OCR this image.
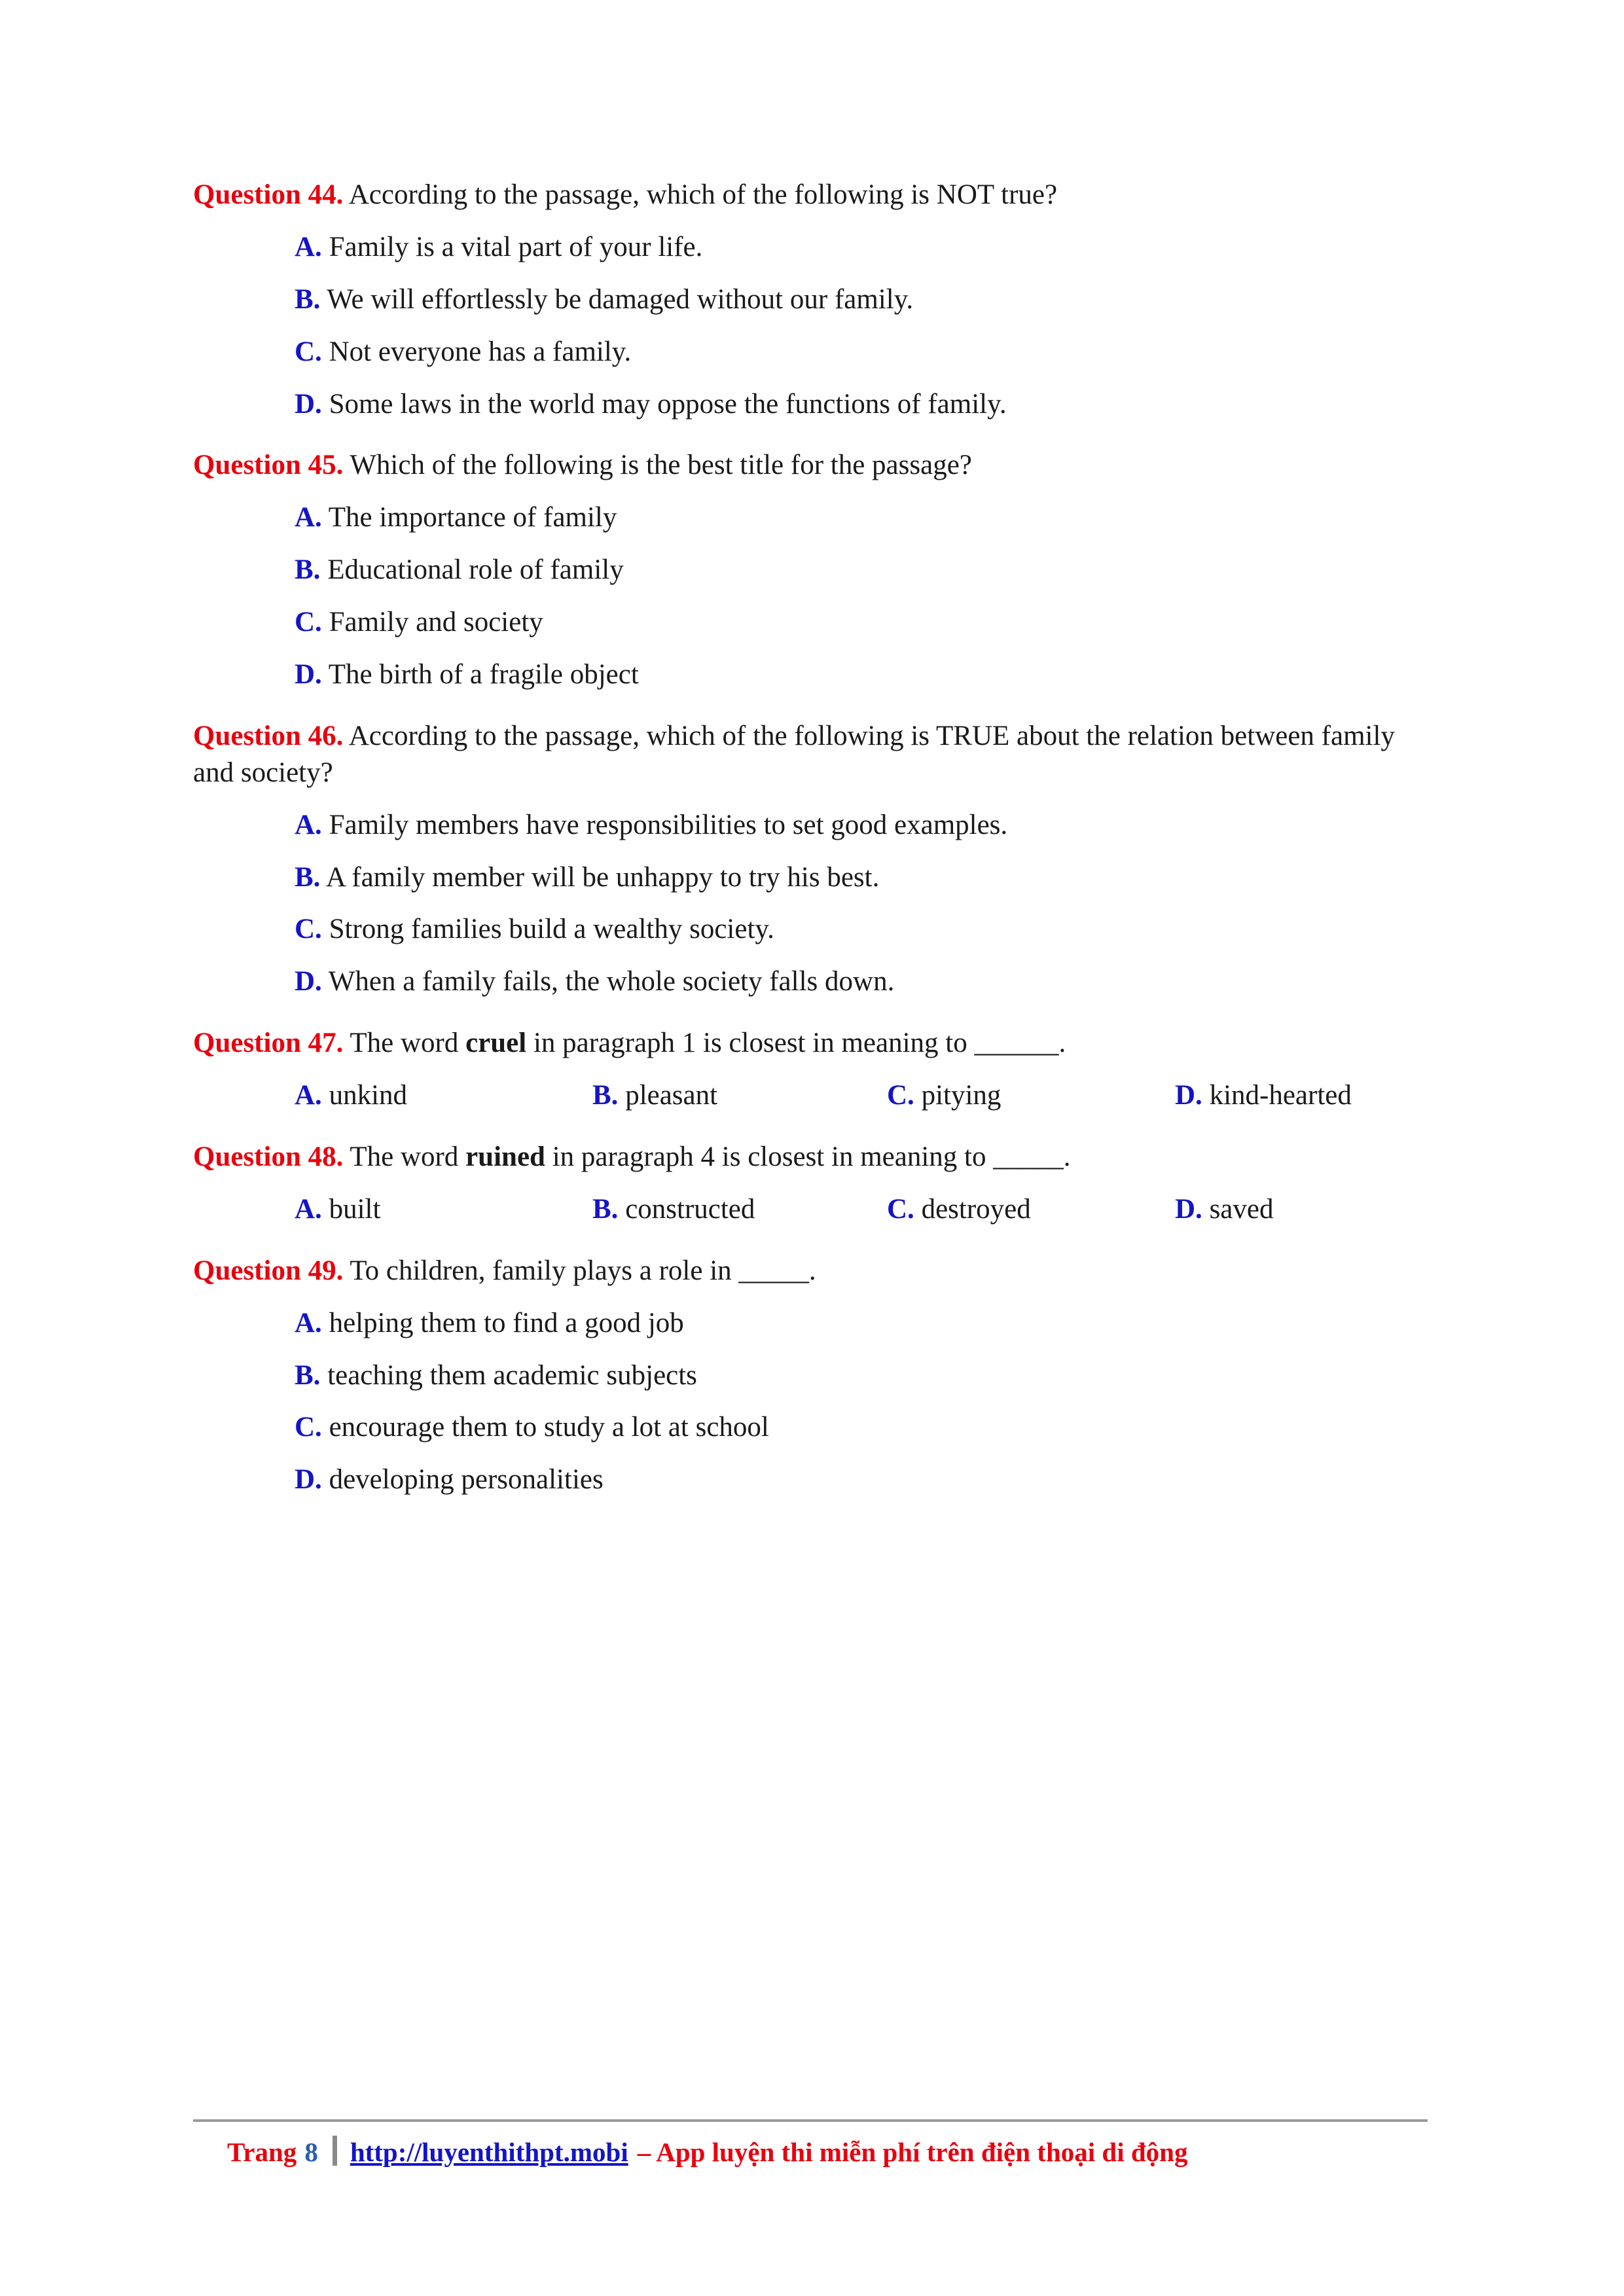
Question 44. According to the passage, which of the following is NOT true?

A. Family is a vital part of your life.

B. We will effortlessly be damaged without our family.

C. Not everyone has a family.

D. Some laws in the world may oppose the functions of family.

Question 45. Which of the following is the best title for the passage?

A. The importance of family

B. Educational role of family

C. Family and society

D. The birth of a fragile object

Question 46. According to the passage, which of the following is TRUE about the relation between family and society?

A. Family members have responsibilities to set good examples.

B. A family member will be unhappy to try his best.

C. Strong families build a wealthy society.

D. When a family fails, the whole society falls down.

Question 47. The word cruel in paragraph 1 is closest in meaning to ______.

A. unkind	B. pleasant	C. pitying	D. kind-hearted

Question 48. The word ruined in paragraph 4 is closest in meaning to _____.

A. built	B. constructed	C. destroyed	D. saved

Question 49. To children, family plays a role in _____.

A. helping them to find a good job

B. teaching them academic subjects

C. encourage them to study a lot at school

D. developing personalities

Trang 8 http://luyenthithpt.mobi – App luyện thi miễn phí trên điện thoại di động
